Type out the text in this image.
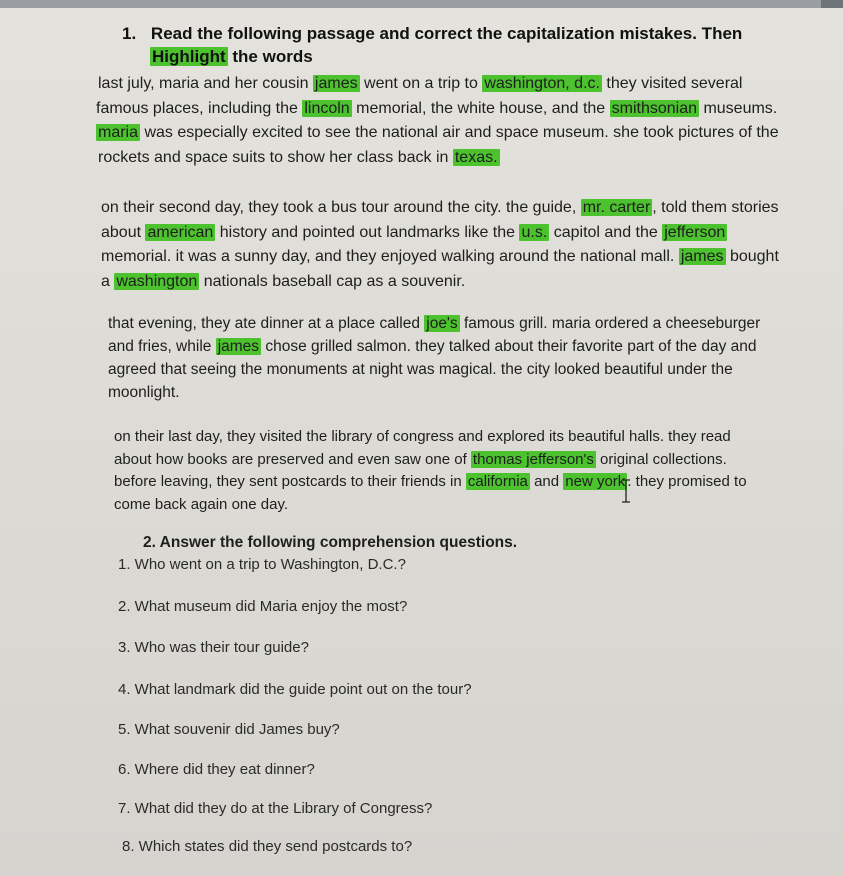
1. Read the following passage and correct the capitalization mistakes. Then
Highlight the words
last july, maria and her cousin james went on a trip to washington, d.c. they visited several
famous places, including the lincoln memorial, the white house, and the smithsonian museums.
maria was especially excited to see the national air and space museum. she took pictures of the
rockets and space suits to show her class back in texas.
on their second day, they took a bus tour around the city. the guide, mr. carter , told them stories
about american history and pointed out landmarks like the u.s. capitol and the jefferson
memorial. it was a sunny day, and they enjoyed walking around the national mall. james bought
a washington nationals baseball cap as a souvenir.
that evening, they ate dinner at a place called joe's famous grill. maria ordered a cheeseburger
and fries, while james chose grilled salmon. they talked about their favorite part of the day and
agreed that seeing the monuments at night was magical. the city looked beautiful under the
moonlight.
on their last day, they visited the library of congress and explored its beautiful halls. they read
about how books are preserved and even saw one of thomas jefferson's original collections.
before leaving, they sent postcards to their friends in california and new york . they promised to
come back again one day.
2. Answer the following comprehension questions.
1. Who went on a trip to Washington, D.C.?
2. What museum did Maria enjoy the most?
3. Who was their tour guide?
4. What landmark did the guide point out on the tour?
5. What souvenir did James buy?
6. Where did they eat dinner?
7. What did they do at the Library of Congress?
8. Which states did they send postcards to?
